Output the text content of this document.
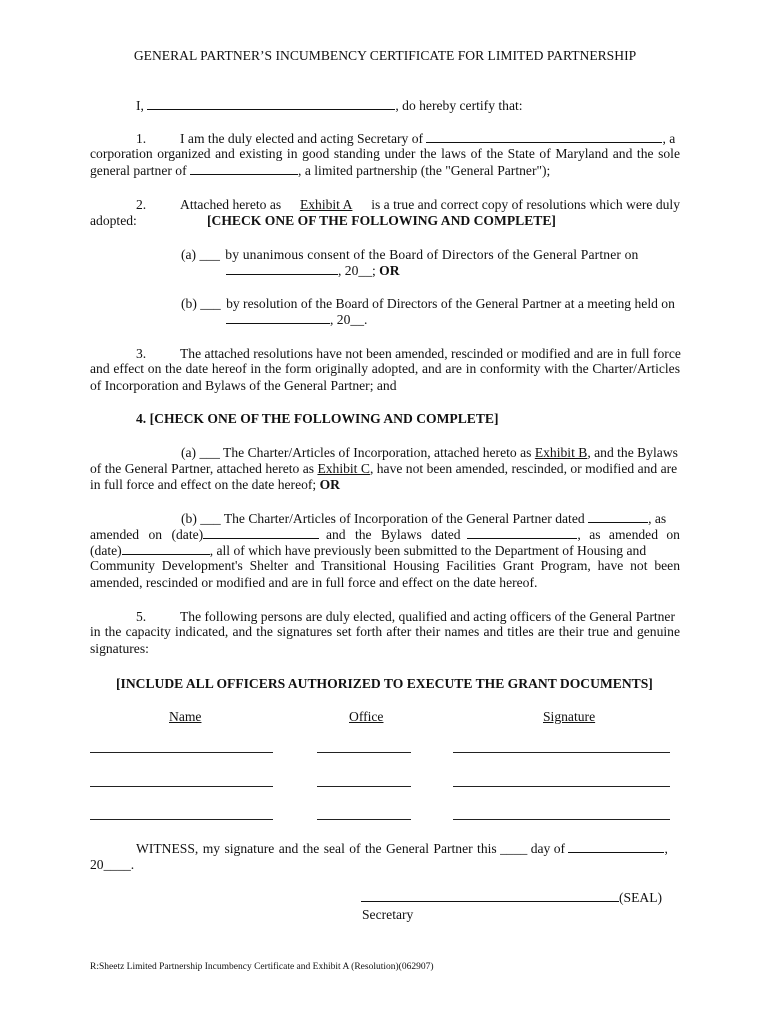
GENERAL PARTNER’S INCUMBENCY CERTIFICATE FOR LIMITED PARTNERSHIP
I,	, do hereby certify that:
1. I am the duly elected and acting Secretary of	, a
corporation organized and existing in good standing under the laws of the State of Maryland and the sole
general partner of	, a limited partnership (the "General Partner");
2. Attached hereto as Exhibit A is a true and correct copy of resolutions which were duly
adopted:	[CHECK ONE OF THE FOLLOWING AND COMPLETE]
(a) ___ by unanimous consent of the Board of Directors of the General Partner on
, 20__; OR
(b) ___ by resolution of the Board of Directors of the General Partner at a meeting held on
, 20__.
3. The attached resolutions have not been amended, rescinded or modified and are in full force
and effect on the date hereof in the form originally adopted, and are in conformity with the Charter/Articles
of Incorporation and Bylaws of the General Partner; and
4. [CHECK ONE OF THE FOLLOWING AND COMPLETE]
(a) ___ The Charter/Articles of Incorporation, attached hereto as Exhibit B, and the Bylaws
of the General Partner, attached hereto as Exhibit C, have not been amended, rescinded, or modified and are
in full force and effect on the date hereof; OR
(b) ___ The Charter/Articles of Incorporation of the General Partner dated	, as
amended on (date)	and the Bylaws dated	, as amended on
(date)	, all of which have previously been submitted to the Department of Housing and
Community Development's Shelter and Transitional Housing Facilities Grant Program, have not been
amended, rescinded or modified and are in full force and effect on the date hereof.
5. The following persons are duly elected, qualified and acting officers of the General Partner
in the capacity indicated, and the signatures set forth after their names and titles are their true and genuine
signatures:
[INCLUDE ALL OFFICERS AUTHORIZED TO EXECUTE THE GRANT DOCUMENTS]
Name	Office	Signature
WITNESS, my signature and the seal of the General Partner this ____ day of	,
20____.
(SEAL)
Secretary
R:Sheetz Limited Partnership Incumbency Certificate and Exhibit A (Resolution)(062907)
